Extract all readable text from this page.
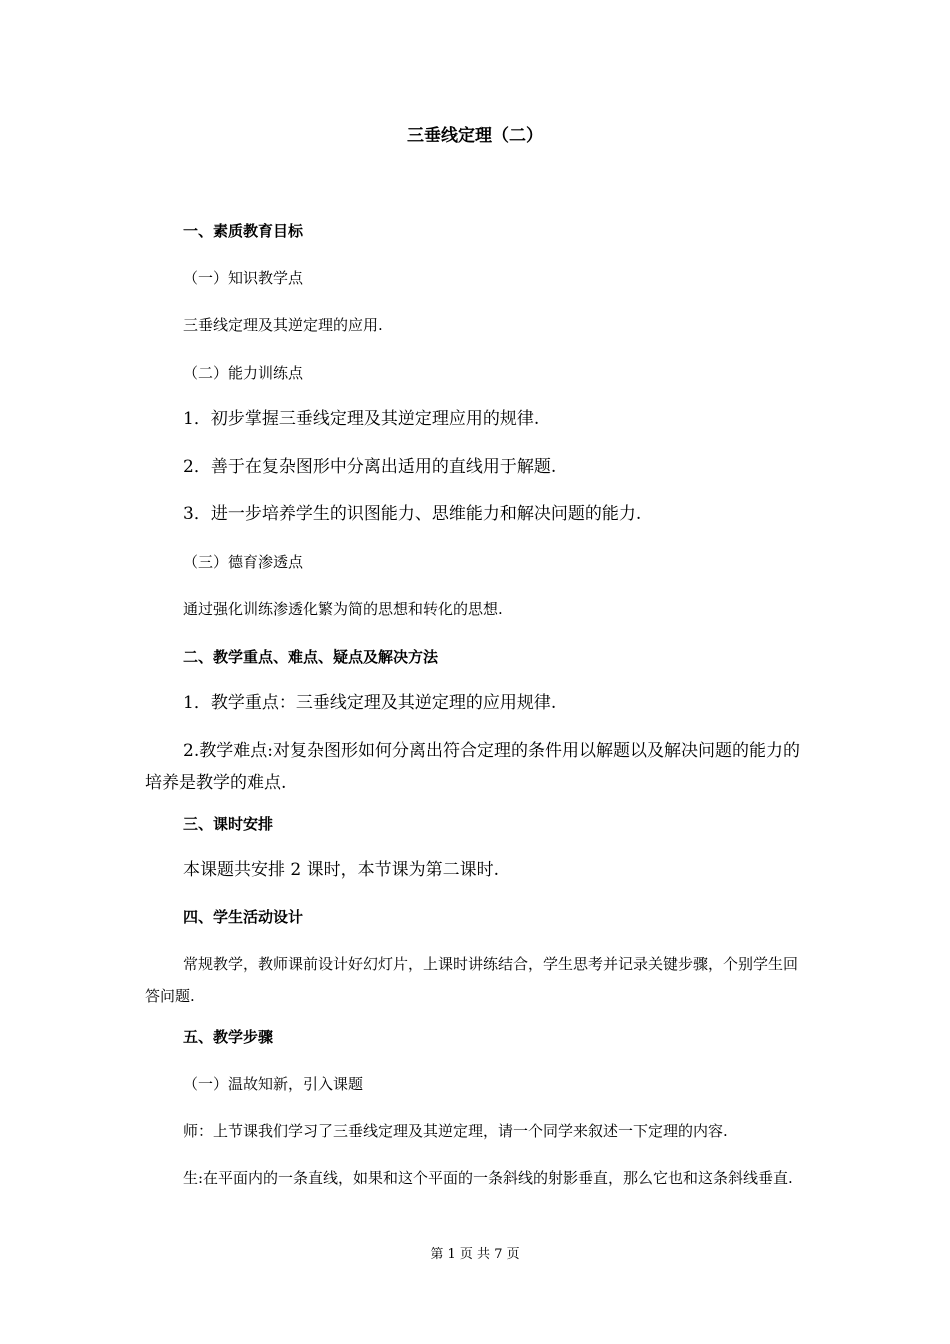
三垂线定理（二）
一、素质教育目标
（一）知识教学点
三垂线定理及其逆定理的应用.
（二）能力训练点
1．初步掌握三垂线定理及其逆定理应用的规律.
2．善于在复杂图形中分离出适用的直线用于解题.
3．进一步培养学生的识图能力、思维能力和解决问题的能力.
（三）德育渗透点
通过强化训练渗透化繁为简的思想和转化的思想.
二、教学重点、难点、疑点及解决方法
1．教学重点：三垂线定理及其逆定理的应用规律.
2.教学难点:对复杂图形如何分离出符合定理的条件用以解题以及解决问题的能力的培养是教学的难点.
三、课时安排
本课题共安排 2 课时，本节课为第二课时.
四、学生活动设计
常规教学，教师课前设计好幻灯片，上课时讲练结合，学生思考并记录关键步骤，个别学生回答问题.
五、教学步骤
（一）温故知新，引入课题
师：上节课我们学习了三垂线定理及其逆定理，请一个同学来叙述一下定理的内容.
生:在平面内的一条直线，如果和这个平面的一条斜线的射影垂直，那么它也和这条斜线垂直.
第 1 页 共 7 页
